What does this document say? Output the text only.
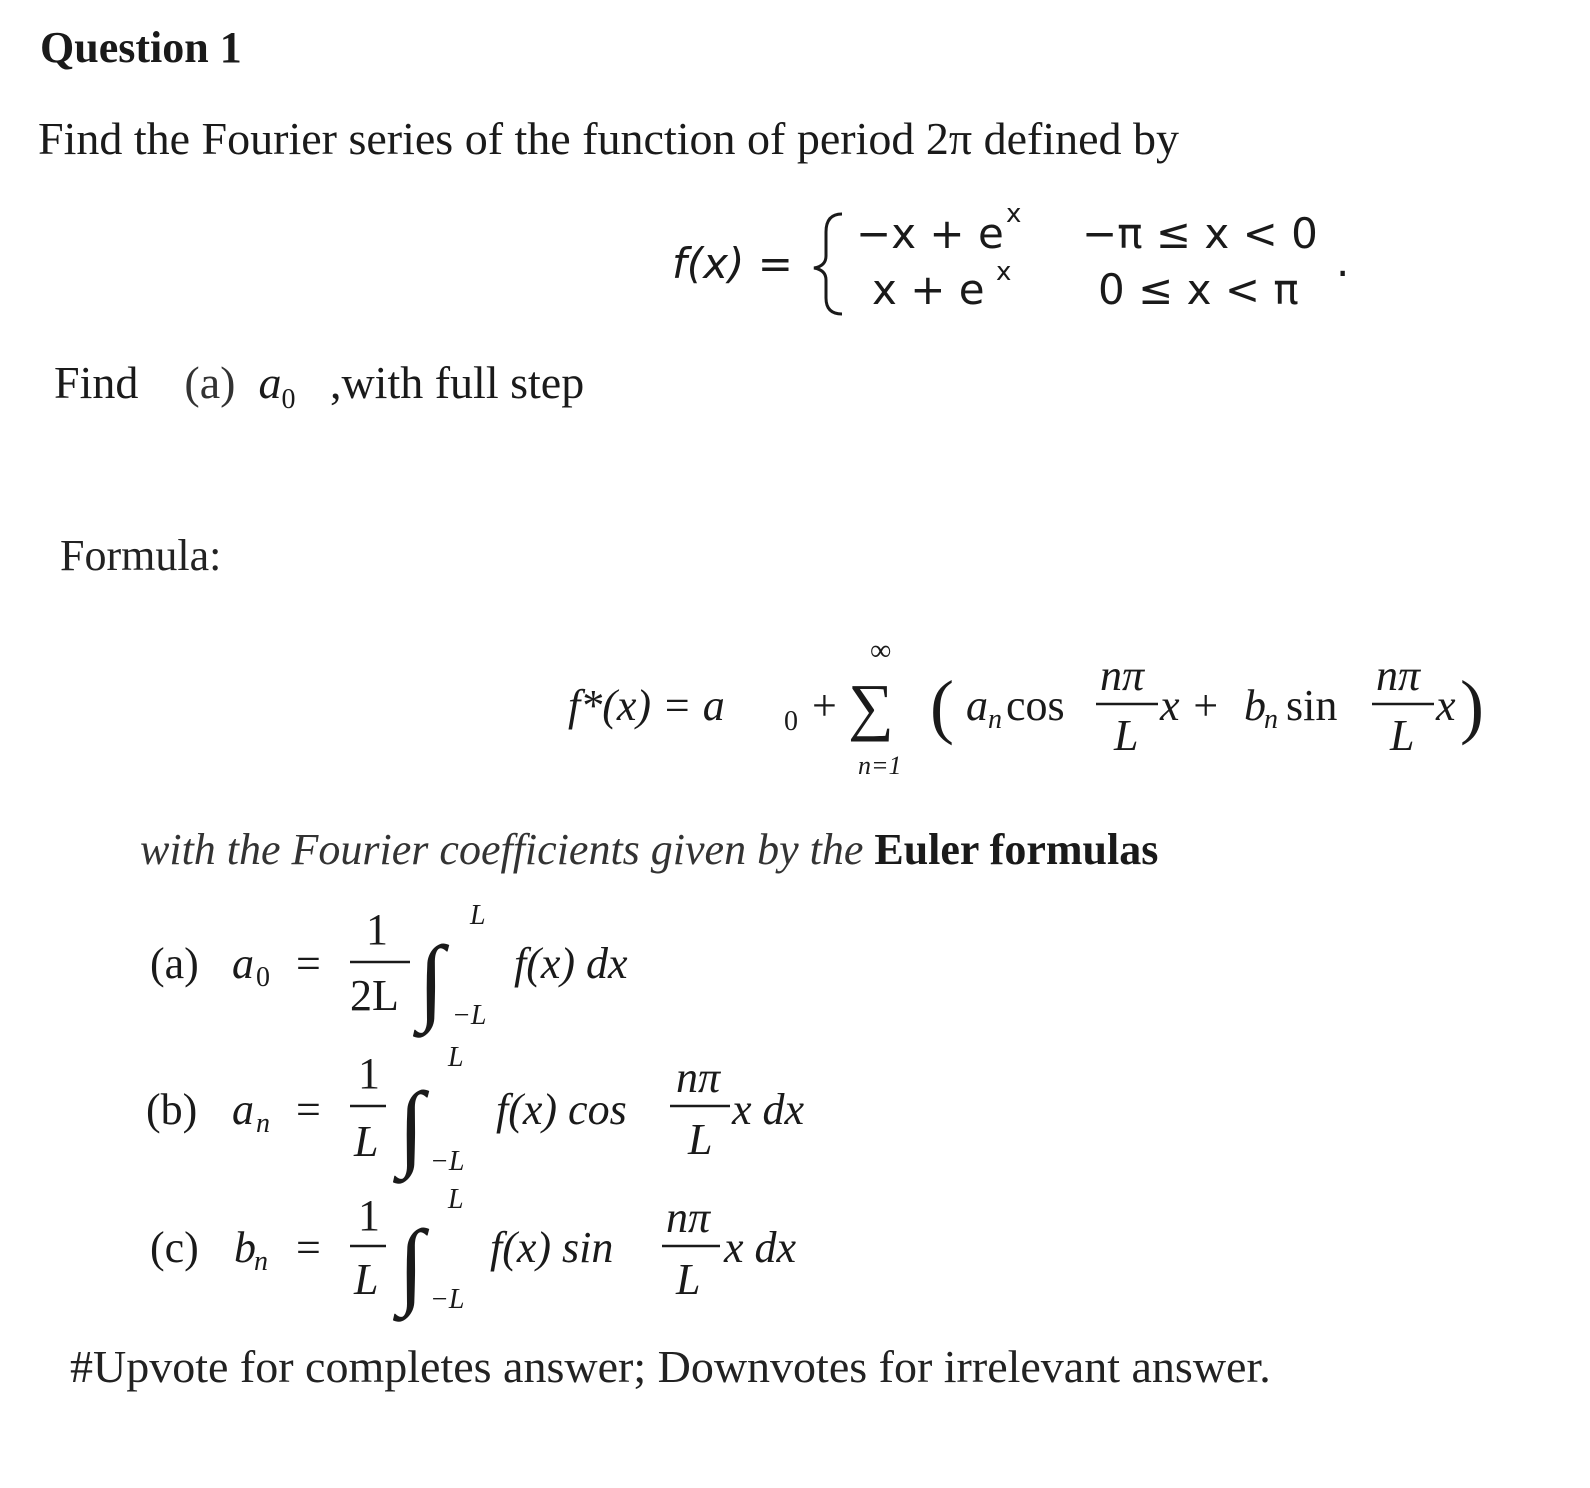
Question 1
Find the Fourier series of the function of period 2π defined by
f(x) =
−x + e x −π ≤ x < 0
x + e x 0 ≤ x < π
.
f*(x) = a 0 +
∞
∑
n=1
( a n cos
nπ
L
x + b
n sin
nπ
L
x )
(a) a 0 =
1
2L ∫
L
−L
f(x) dx
(b) a n =
1
L ∫
L
−L
f(x) cos
nπ
L
x dx
(c) b
n =
1
L ∫
L
−L
f(x) sin
nπ
L
x dx
Find (a) $a_0$ ,with full step
Formula:
with the Fourier coefficients given by the Euler formulas
#Upvote for completes answer; Downvotes for irrelevant answer.
